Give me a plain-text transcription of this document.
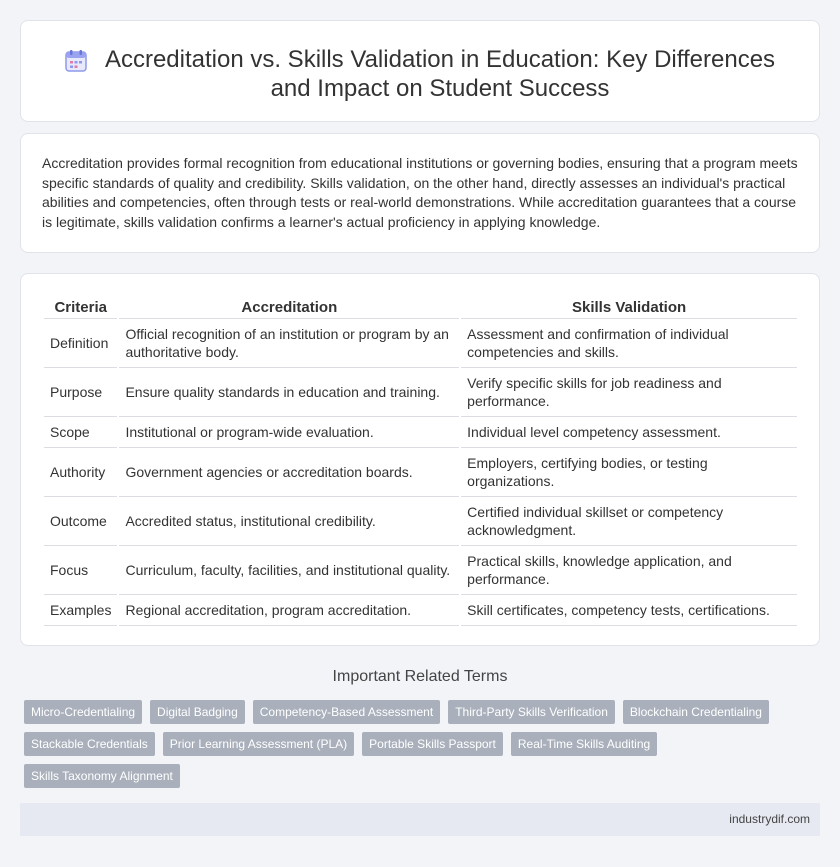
Accreditation vs. Skills Validation in Education: Key Differences and Impact on Student Success

Accreditation provides formal recognition from educational institutions or governing bodies, ensuring that a program meets specific standards of quality and credibility. Skills validation, on the other hand, directly assesses an individual's practical abilities and competencies, often through tests or real-world demonstrations. While accreditation guarantees that a course is legitimate, skills validation confirms a learner's actual proficiency in applying knowledge.

Criteria	Accreditation	Skills Validation
Definition	Official recognition of an institution or program by an authoritative body.	Assessment and confirmation of individual competencies and skills.
Purpose	Ensure quality standards in education and training.	Verify specific skills for job readiness and performance.
Scope	Institutional or program-wide evaluation.	Individual level competency assessment.
Authority	Government agencies or accreditation boards.	Employers, certifying bodies, or testing organizations.
Outcome	Accredited status, institutional credibility.	Certified individual skillset or competency acknowledgment.
Focus	Curriculum, faculty, facilities, and institutional quality.	Practical skills, knowledge application, and performance.
Examples	Regional accreditation, program accreditation.	Skill certificates, competency tests, certifications.
Important Related Terms
Micro-Credentialing	Digital Badging	Competency-Based Assessment	Third-Party Skills Verification	Blockchain Credentialing
Stackable Credentials	Prior Learning Assessment (PLA)	Portable Skills Passport	Real-Time Skills Auditing
Skills Taxonomy Alignment
industrydif.com
